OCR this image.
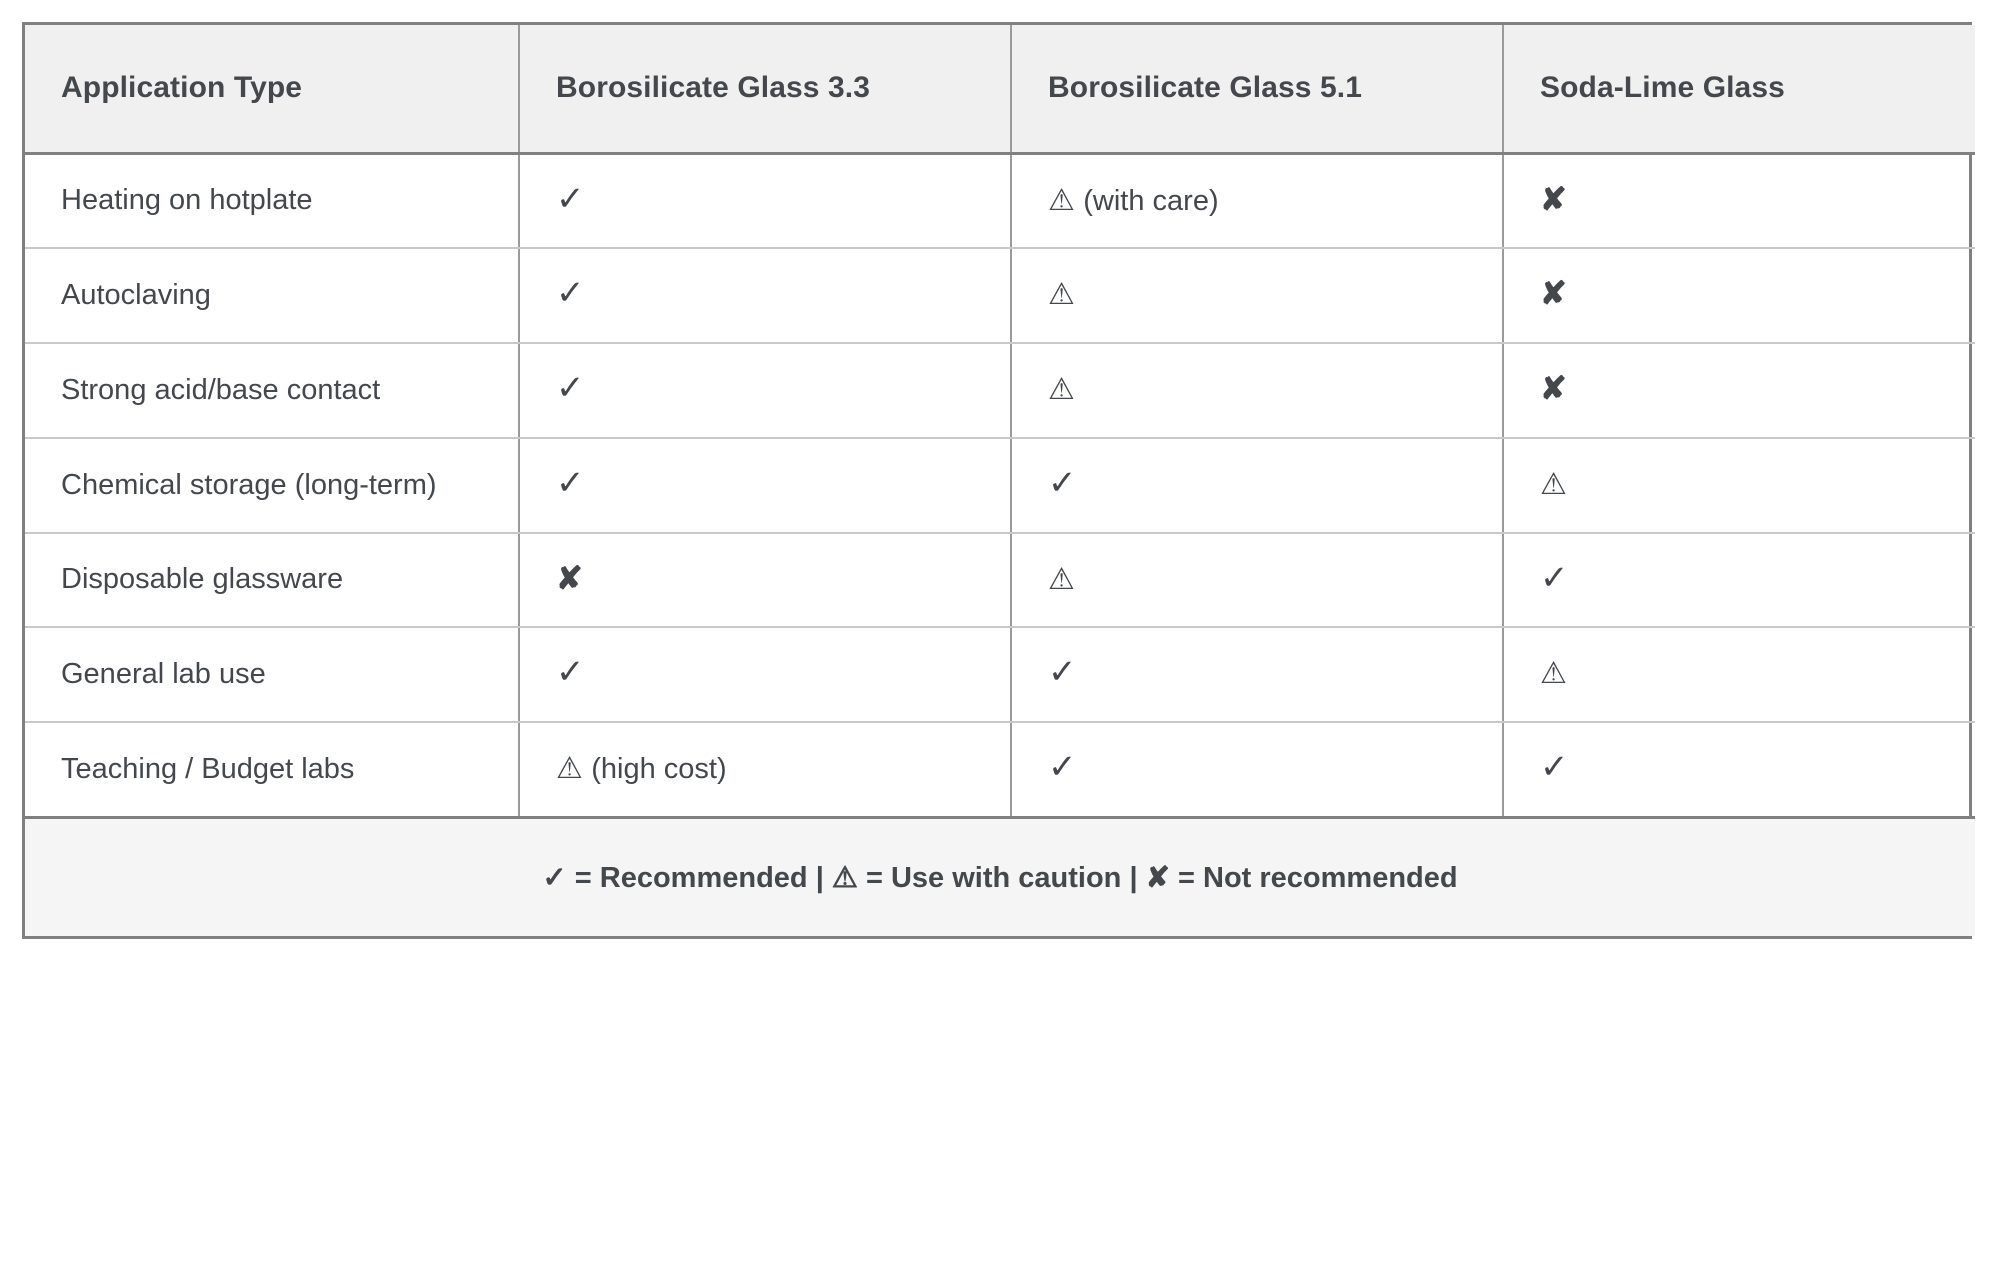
Application Type	Borosilicate Glass 3.3	Borosilicate Glass 5.1	Soda-Lime Glass
Heating on hotplate	✓	⚠ (with care)	✘
Autoclaving	✓	⚠	✘
Strong acid/base contact	✓	⚠	✘
Chemical storage (long-term)	✓	✓	⚠
Disposable glassware	✘	⚠	✓
General lab use	✓	✓	⚠
Teaching / Budget labs	⚠ (high cost)	✓	✓
✓ = Recommended | ⚠ = Use with caution | ✘ = Not recommended			
